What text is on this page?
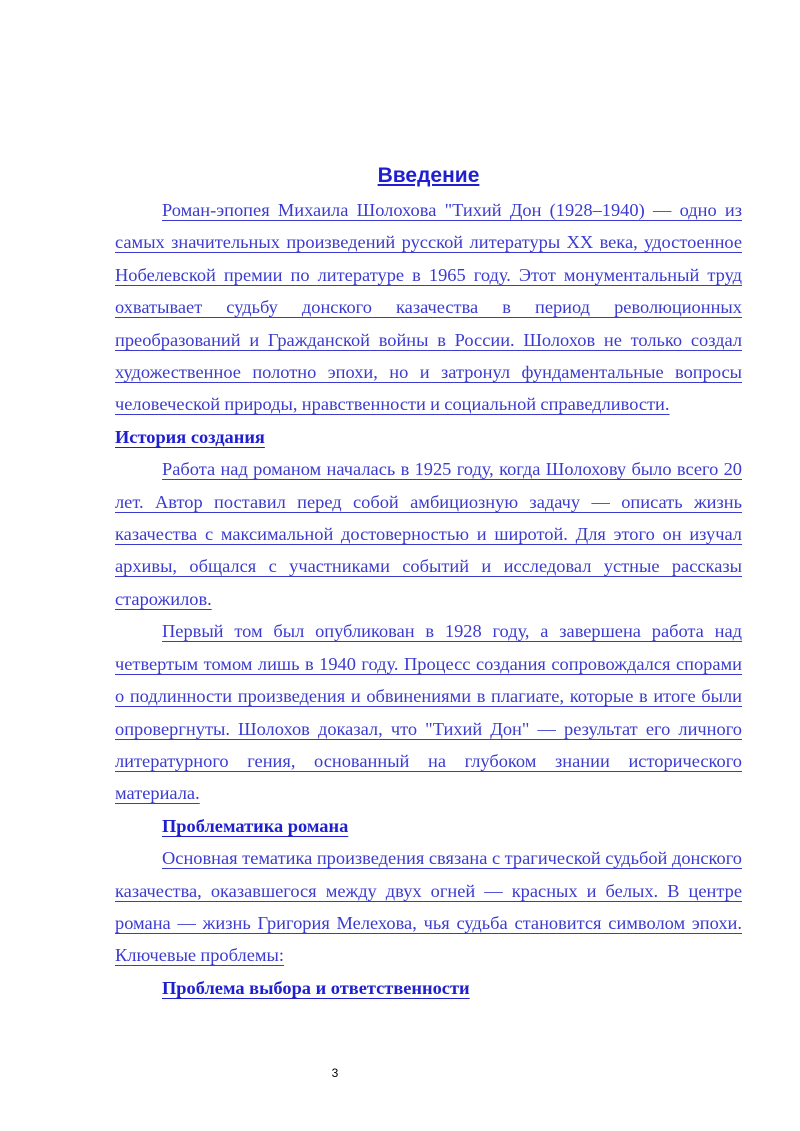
Введение

Роман-эпопея Михаила Шолохова "Тихий Дон (1928–1940) — одно из самых значительных произведений русской литературы XX века, удостоенное Нобелевской премии по литературе в 1965 году. Этот монументальный труд охватывает судьбу донского казачества в период революционных преобразований и Гражданской войны в России. Шолохов не только создал художественное полотно эпохи, но и затронул фундаментальные вопросы человеческой природы, нравственности и социальной справедливости.

История создания

Работа над романом началась в 1925 году, когда Шолохову было всего 20 лет. Автор поставил перед собой амбициозную задачу — описать жизнь казачества с максимальной достоверностью и широтой. Для этого он изучал архивы, общался с участниками событий и исследовал устные рассказы старожилов.

Первый том был опубликован в 1928 году, а завершена работа над четвертым томом лишь в 1940 году. Процесс создания сопровождался спорами о подлинности произведения и обвинениями в плагиате, которые в итоге были опровергнуты. Шолохов доказал, что "Тихий Дон" — результат его личного литературного гения, основанный на глубоком знании исторического материала.

Проблематика романа

Основная тематика произведения связана с трагической судьбой донского казачества, оказавшегося между двух огней — красных и белых. В центре романа — жизнь Григория Мелехова, чья судьба становится символом эпохи. Ключевые проблемы:

Проблема выбора и ответственности
3
